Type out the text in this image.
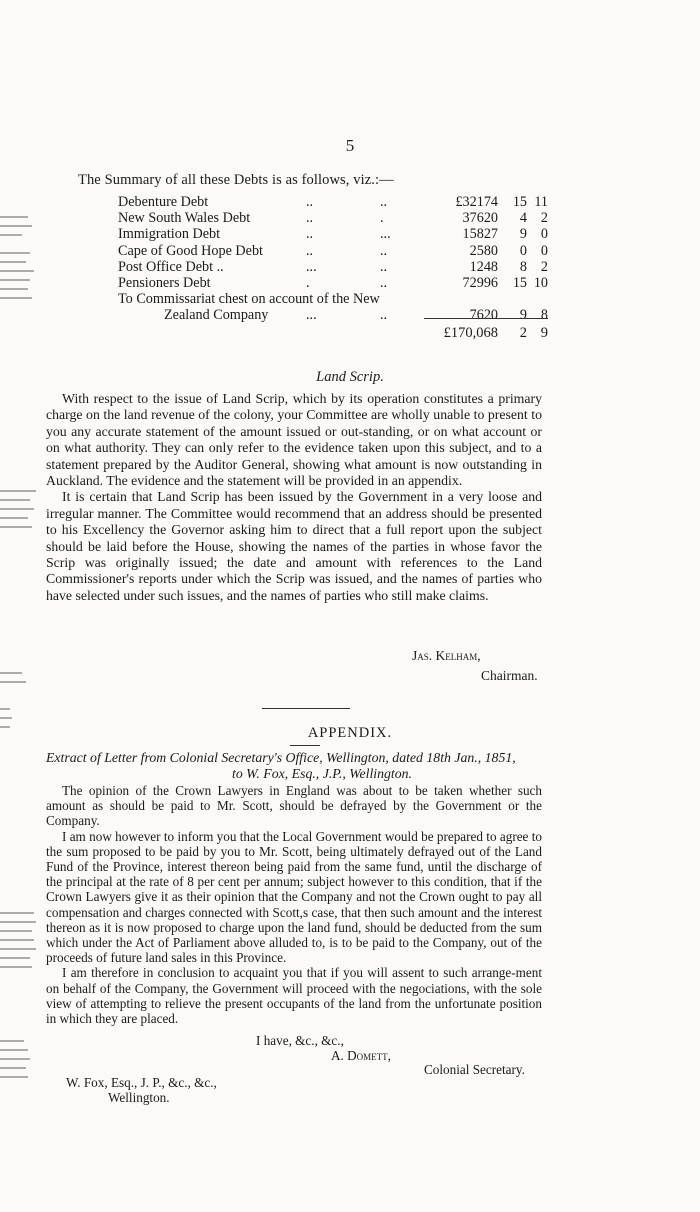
5
The Summary of all these Debts is as follows, viz.:—
Debenture Debt	..	..	£32174 15 11
New South Wales Debt	..	.	37620 4 2
Immigration Debt	..	...	15827 9 0
Cape of Good Hope Debt	..	..	2580 0 0
Post Office Debt ..	...	..	1248 8 2
Pensioners Debt	.	..	72996 15 10
To Commissariat chest on account of the New
Zealand Company	...	..	7620 9 8
£170,068 2 9
Land Scrip.

With respect to the issue of Land Scrip, which by its operation constitutes a primary charge on the land revenue of the colony, your Committee are wholly unable to present to you any accurate statement of the amount issued or out-standing, or on what account or on what authority. They can only refer to the evidence taken upon this subject, and to a statement prepared by the Auditor General, showing what amount is now outstanding in Auckland. The evidence and the statement will be provided in an appendix.

It is certain that Land Scrip has been issued by the Government in a very loose and irregular manner. The Committee would recommend that an address should be presented to his Excellency the Governor asking him to direct that a full report upon the subject should be laid before the House, showing the names of the parties in whose favor the Scrip was originally issued; the date and amount with references to the Land Commissioner's reports under which the Scrip was issued, and the names of parties who have selected under such issues, and the names of parties who still make claims.

Jas. Kelham,
Chairman.
APPENDIX.
Extract of Letter from Colonial Secretary's Office, Wellington, dated 18th Jan., 1851,
to W. Fox, Esq., J.P., Wellington.

The opinion of the Crown Lawyers in England was about to be taken whether such amount as should be paid to Mr. Scott, should be defrayed by the Government or the Company.

I am now however to inform you that the Local Government would be prepared to agree to the sum proposed to be paid by you to Mr. Scott, being ultimately defrayed out of the Land Fund of the Province, interest thereon being paid from the same fund, until the discharge of the principal at the rate of 8 per cent per annum; subject however to this condition, that if the Crown Lawyers give it as their opinion that the Company and not the Crown ought to pay all compensation and charges connected with Scott,s case, that then such amount and the interest thereon as it is now proposed to charge upon the land fund, should be deducted from the sum which under the Act of Parliament above alluded to, is to be paid to the Company, out of the proceeds of future land sales in this Province.

I am therefore in conclusion to acquaint you that if you will assent to such arrange-ment on behalf of the Company, the Government will proceed with the negociations, with the sole view of attempting to relieve the present occupants of the land from the unfortunate position in which they are placed.

I have, &c., &c.,
A. Domett,
Colonial Secretary.
W. Fox, Esq., J. P., &c., &c.,
Wellington.
